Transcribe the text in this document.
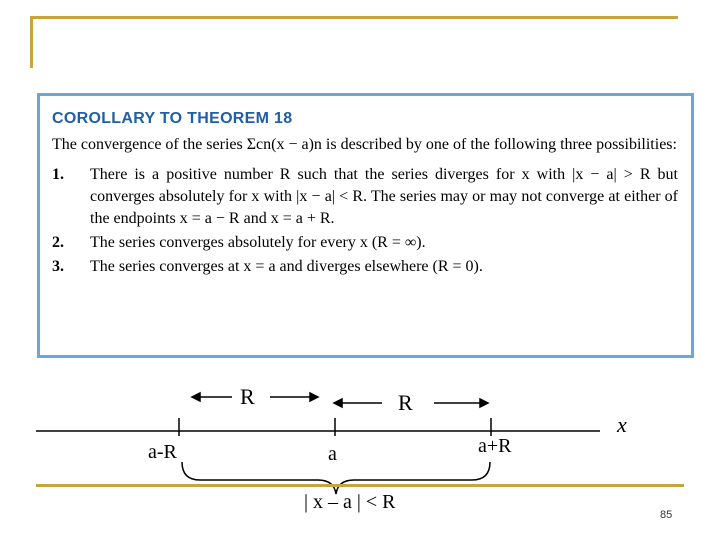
COROLLARY TO THEOREM 18
The convergence of the series Σcn(x − a)n is described by one of the following three possibilities:
1.	There is a positive number R such that the series diverges for x with |x − a| > R but converges absolutely for x with |x − a| < R. The series may or may not converge at either of the endpoints x = a − R and x = a + R.
2.	The series converges absolutely for every x (R = ∞).
3.	The series converges at x = a and diverges elsewhere (R = 0).
R	R
a-R	a	a+R
x
| x – a | < R
85
